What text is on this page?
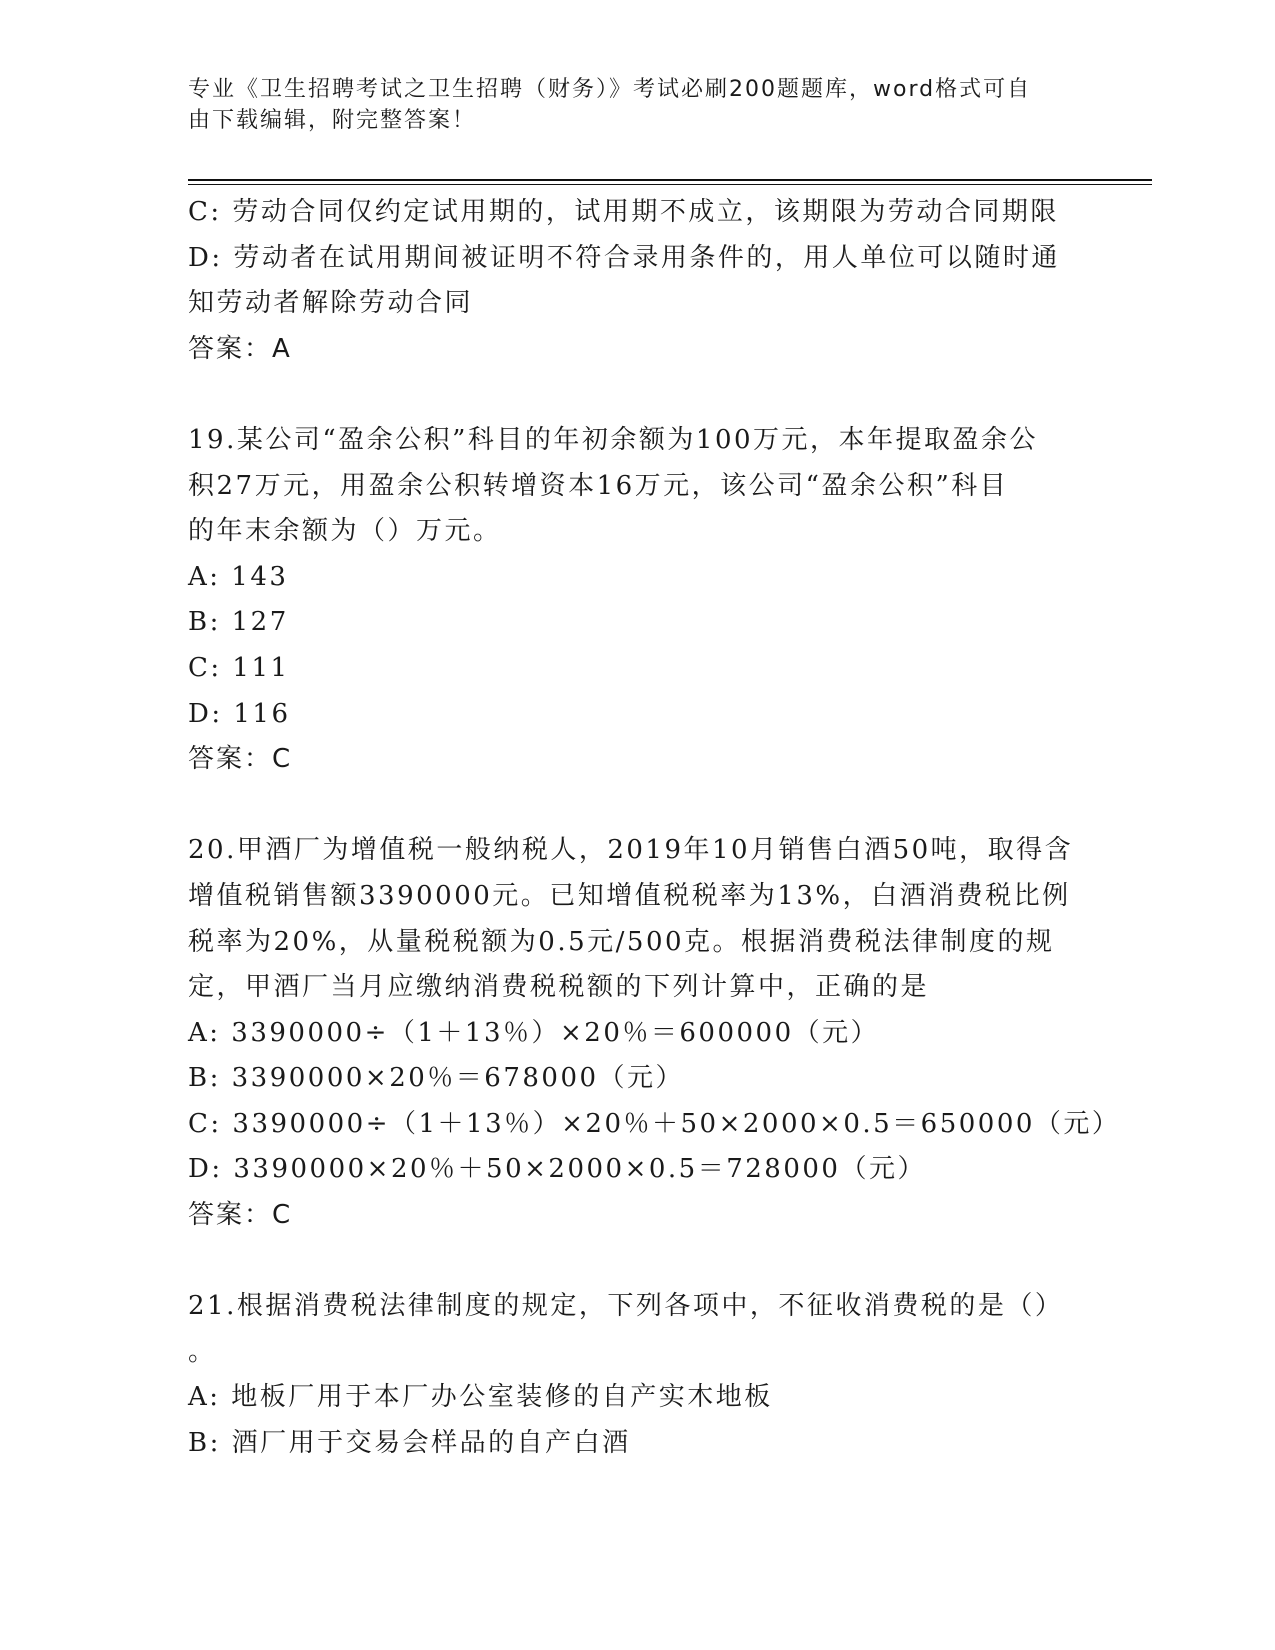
专业《卫生招聘考试之卫生招聘（财务）》考试必刷200题题库，word格式可自
由下载编辑，附完整答案！
C: 劳动合同仅约定试用期的，试用期不成立，该期限为劳动合同期限
D: 劳动者在试用期间被证明不符合录用条件的，用人单位可以随时通
知劳动者解除劳动合同
答案：A
19.某公司“盈余公积”科目的年初余额为100万元，本年提取盈余公
积27万元，用盈余公积转增资本16万元，该公司“盈余公积”科目
的年末余额为（）万元。
A: 143
B: 127
C: 111
D: 116
答案：C
20.甲酒厂为增值税一般纳税人，2019年10月销售白酒50吨，取得含
增值税销售额3390000元。已知增值税税率为13%，白酒消费税比例
税率为20%，从量税税额为0.5元/500克。根据消费税法律制度的规
定，甲酒厂当月应缴纳消费税税额的下列计算中，正确的是
A: 3390000÷（1＋13％）×20％＝600000（元）
B: 3390000×20％＝678000（元）
C: 3390000÷（1＋13％）×20％＋50×2000×0.5＝650000（元）
D: 3390000×20％＋50×2000×0.5＝728000（元）
答案：C
21.根据消费税法律制度的规定，下列各项中，不征收消费税的是（）
。
A: 地板厂用于本厂办公室装修的自产实木地板
B: 酒厂用于交易会样品的自产白酒
